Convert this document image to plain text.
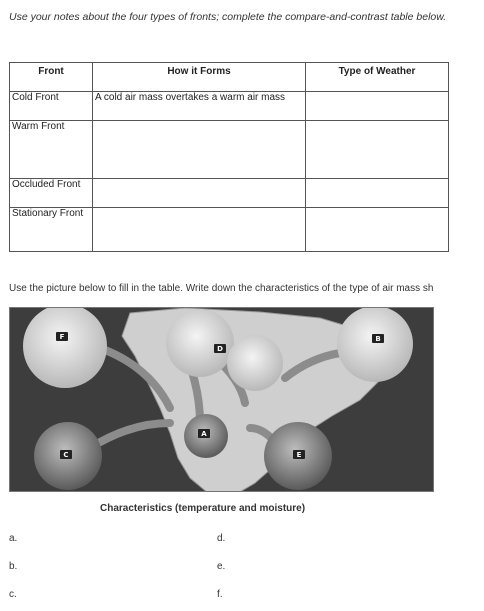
Use your notes about the four types of fronts; complete the compare-and-contrast table below.
Front	How it Forms	Type of Weather
Cold Front	A cold air mass overtakes a warm air mass	
Warm Front		
Occluded Front		
Stationary Front		
Use the picture below to fill in the table. Write down the characteristics of the type of air mass sh
F
D
B
A
C	E
Characteristics (temperature and moisture)
a.
b.
c.
d.
e.
f.
